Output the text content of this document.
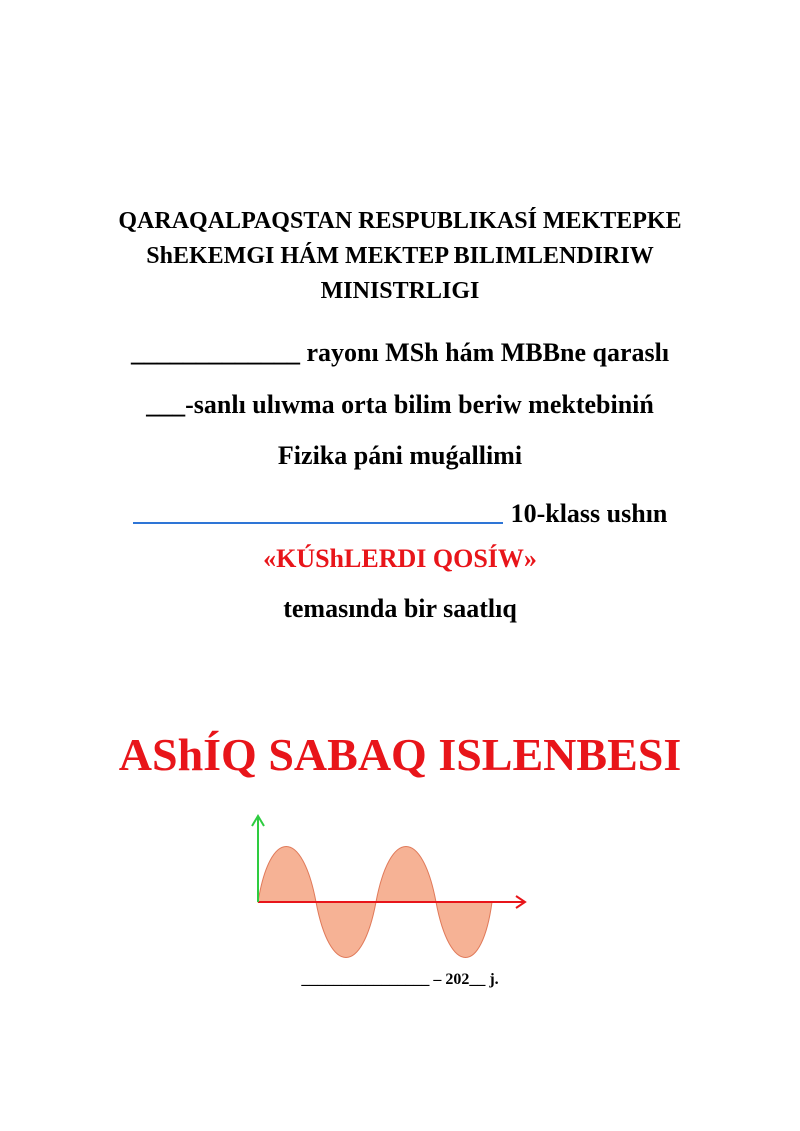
QARAQALPAQSTAN RESPUBLIKASÍ MEKTEPKE
ShEKEMGI HÁM MEKTEP BILIMLENDIRIW
MINISTRLIGI
_____________ rayonı MSh hám MBBne qaraslı
___-sanlı ulıwma orta bilim beriw mektebiniń
Fizika páni muǵallimi
10-klass ushın
«KÚShLERDI QOSÍW»
temasında bir saatlıq
AShÍQ SABAQ ISLENBESI
________________ – 202__ j.
